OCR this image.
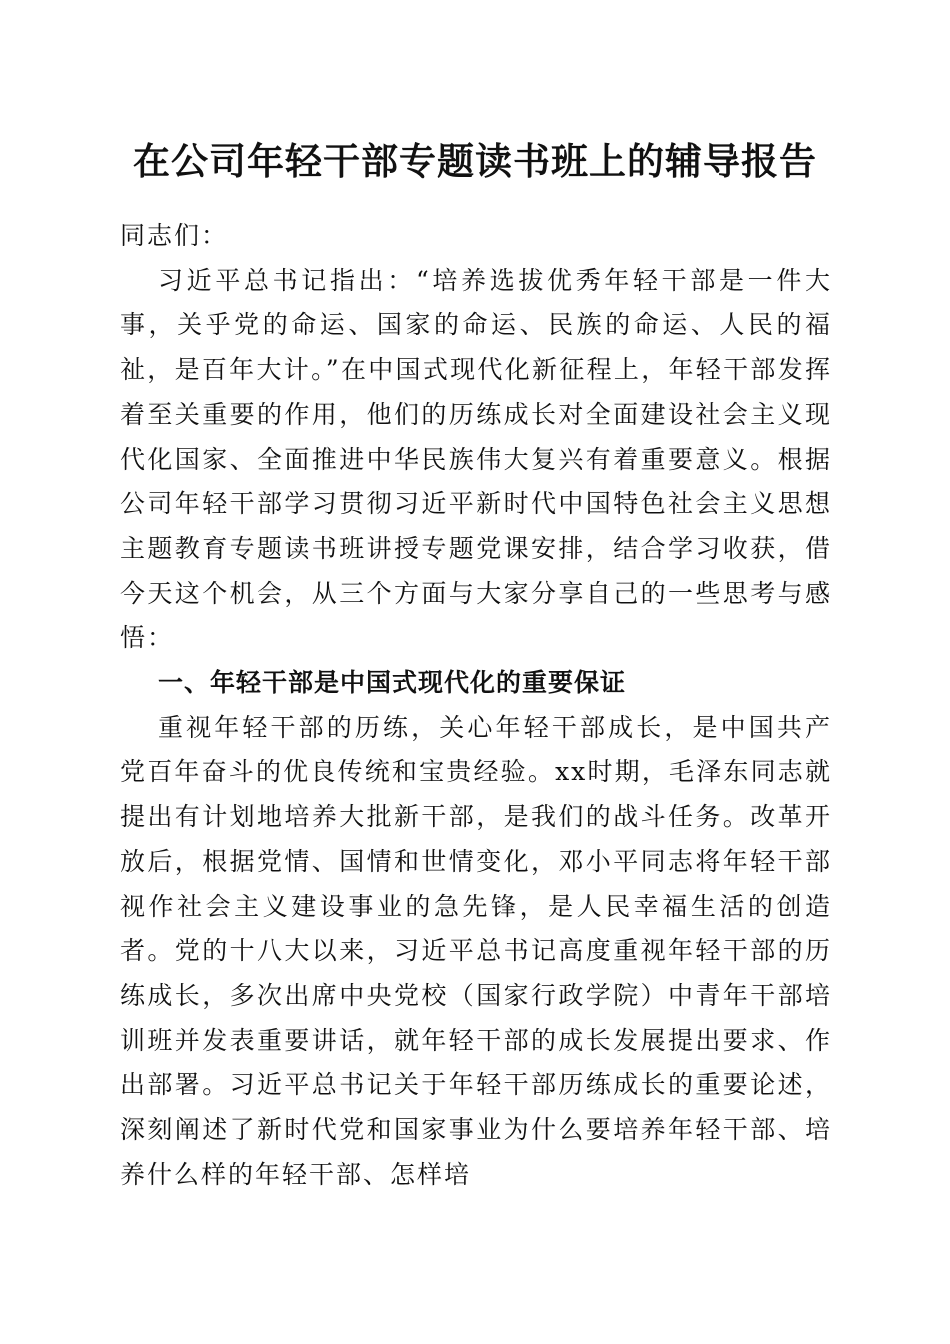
在公司年轻干部专题读书班上的辅导报告

同志们：

习近平总书记指出：“培养选拔优秀年轻干部是一件大事，关乎党的命运、国家的命运、民族的命运、人民的福祉，是百年大计。”在中国式现代化新征程上，年轻干部发挥着至关重要的作用，他们的历练成长对全面建设社会主义现代化国家、全面推进中华民族伟大复兴有着重要意义。根据公司年轻干部学习贯彻习近平新时代中国特色社会主义思想主题教育专题读书班讲授专题党课安排，结合学习收获，借今天这个机会，从三个方面与大家分享自己的一些思考与感悟：

一、年轻干部是中国式现代化的重要保证

重视年轻干部的历练，关心年轻干部成长，是中国共产党百年奋斗的优良传统和宝贵经验。xx时期，毛泽东同志就提出有计划地培养大批新干部，是我们的战斗任务。改革开放后，根据党情、国情和世情变化，邓小平同志将年轻干部视作社会主义建设事业的急先锋，是人民幸福生活的创造者。党的十八大以来，习近平总书记高度重视年轻干部的历练成长，多次出席中央党校（国家行政学院）中青年干部培训班并发表重要讲话，就年轻干部的成长发展提出要求、作出部署。习近平总书记关于年轻干部历练成长的重要论述，深刻阐述了新时代党和国家事业为什么要培养年轻干部、培养什么样的年轻干部、怎样培
